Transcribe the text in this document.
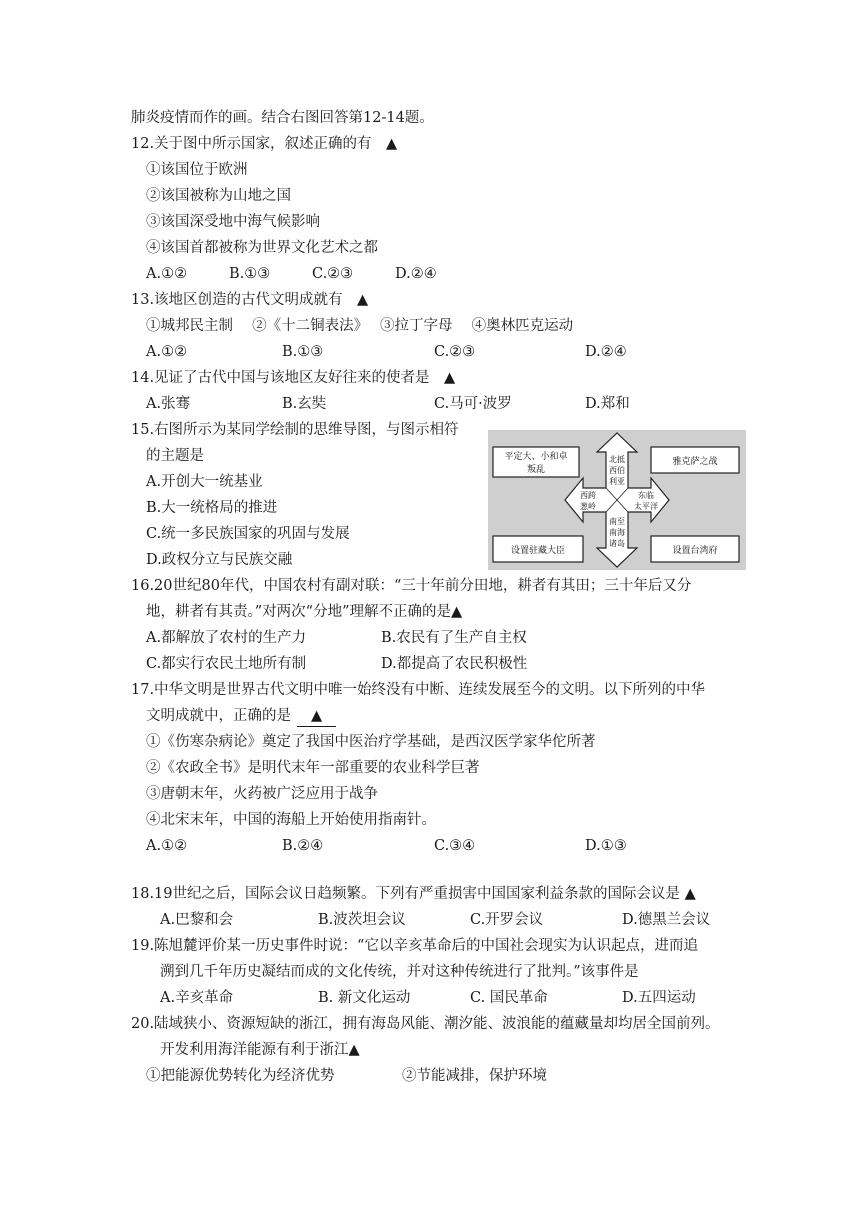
肺炎疫情而作的画。结合右图回答第12-14题。
12.关于图中所示国家，叙述正确的有　▲
①该国位于欧洲
②该国被称为山地之国
③该国深受地中海气候影响
④该国首都被称为世界文化艺术之都
A.①②	B.①③	C.②③	D.②④
13.该地区创造的古代文明成就有　▲
①城邦民主制　 ②《十二铜表法》　 ③拉丁字母　 ④奥林匹克运动
A.①②	B.①③	C.②③	D.②④
14.见证了古代中国与该地区友好往来的使者是　▲
A.张骞	B.玄奘	C.马可·波罗	D.郑和
15.右图所示为某同学绘制的思维导图，与图示相符
的主题是
A.开创大一统基业
B.大一统格局的推进
C.统一多民族国家的巩固与发展
D.政权分立与民族交融
平定大、小和卓
叛乱
雅克萨之战
设置驻藏大臣	设置台湾府
北抵
西伯
利亚
东临
太平洋
西跨
葱岭
南至
南海
诸岛
16.20世纪80年代，中国农村有副对联：“三十年前分田地，耕者有其田；三十年后又分
地，耕者有其责。”对两次“分地”理解不正确的是▲
A.都解放了农村的生产力	B.农民有了生产自主权
C.都实行农民土地所有制	D.都提高了农民积极性
17.中华文明是世界古代文明中唯一始终没有中断、连续发展至今的文明。以下所列的中华
文明成就中，正确的是 ▲
①《伤寒杂病论》奠定了我国中医治疗学基础，是西汉医学家华佗所著
②《农政全书》是明代末年一部重要的农业科学巨著
③唐朝末年，火药被广泛应用于战争
④北宋末年，中国的海船上开始使用指南针。
A.①②	B.②④	C.③④	D.①③
18.19世纪之后，国际会议日趋频繁。下列有严重损害中国国家利益条款的国际会议是 ▲
A.巴黎和会	B.波茨坦会议	C.开罗会议	D.德黑兰会议
19.陈旭麓评价某一历史事件时说：“它以辛亥革命后的中国社会现实为认识起点，进而追
溯到几千年历史凝结而成的文化传统，并对这种传统进行了批判。”该事件是
A.辛亥革命	B. 新文化运动	C. 国民革命	D.五四运动
20.陆域狭小、资源短缺的浙江，拥有海岛风能、潮汐能、波浪能的蕴藏量却均居全国前列。
开发利用海洋能源有利于浙江▲
①把能源优势转化为经济优势	②节能减排，保护环境
